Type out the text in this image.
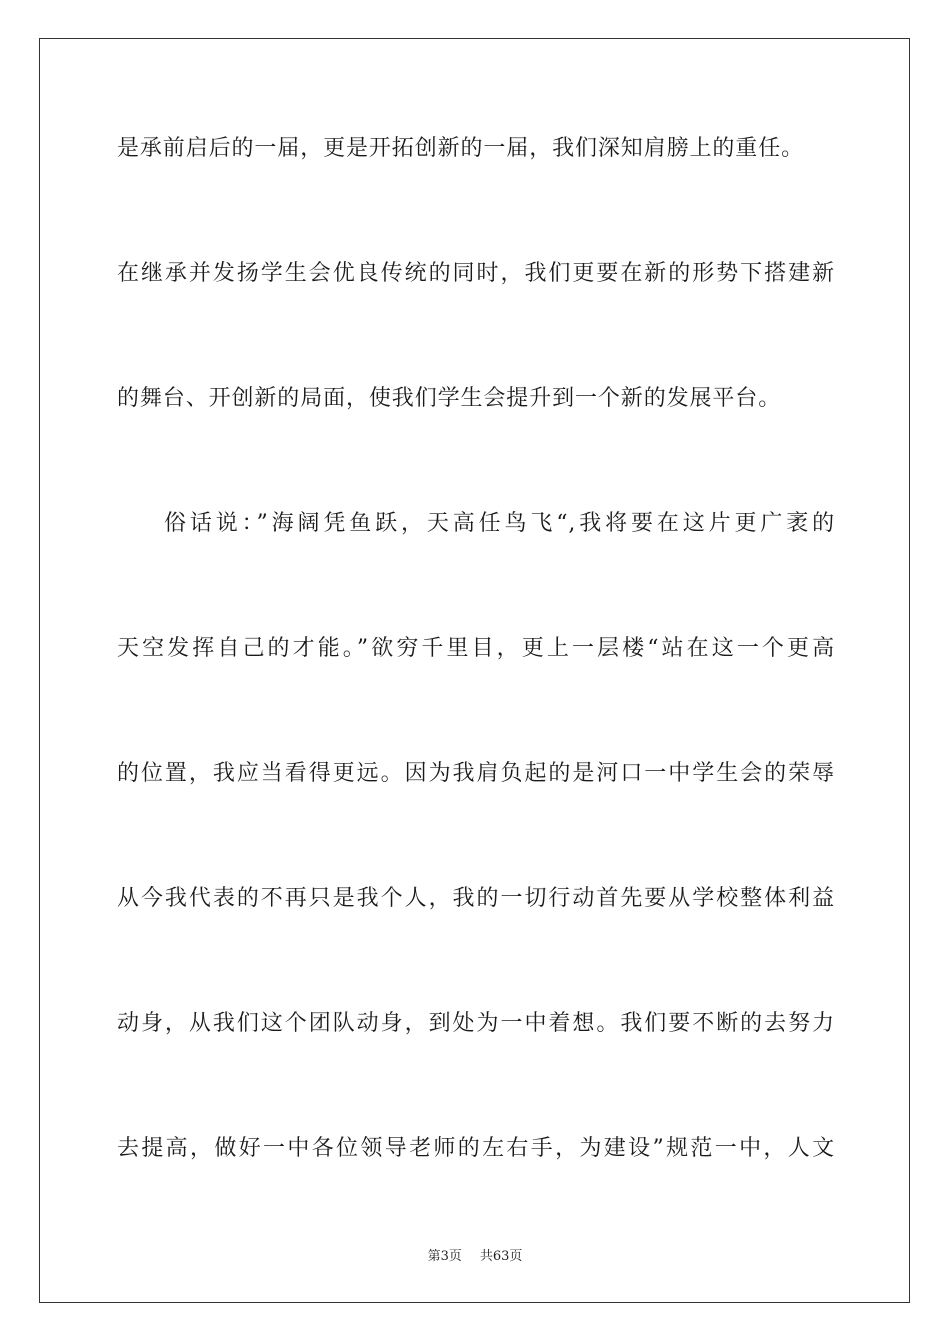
是承前启后的一届，更是开拓创新的一届，我们深知肩膀上的重任。
在继承并发扬学生会优良传统的同时，我们更要在新的形势下搭建新
的舞台、开创新的局面，使我们学生会提升到一个新的发展平台。
俗话说：”海阔凭鱼跃，天高任鸟飞“,我将要在这片更广袤的
天空发挥自己的才能。”欲穷千里目，更上一层楼“站在这一个更高
的位置，我应当看得更远。因为我肩负起的是河口一中学生会的荣辱
从今我代表的不再只是我个人，我的一切行动首先要从学校整体利益
动身，从我们这个团队动身，到处为一中着想。我们要不断的去努力
去提高，做好一中各位领导老师的左右手，为建设”规范一中，人文
第3页 共63页
